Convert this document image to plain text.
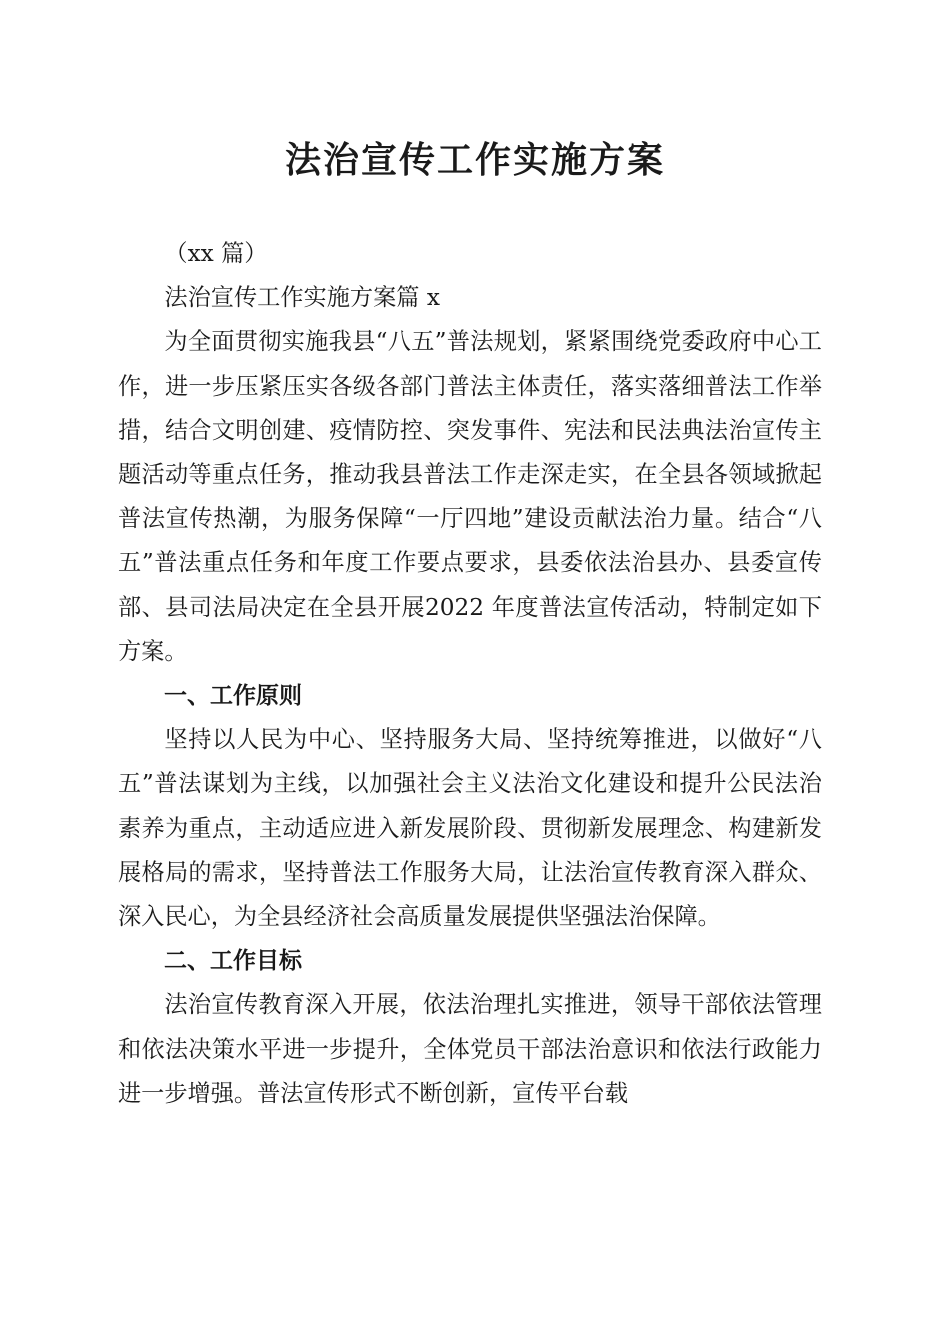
法治宣传工作实施方案

（xx 篇）

法治宣传工作实施方案篇 x

为全面贯彻实施我县“八五”普法规划，紧紧围绕党委政府中心工作，进一步压紧压实各级各部门普法主体责任，落实落细普法工作举措，结合文明创建、疫情防控、突发事件、宪法和民法典法治宣传主题活动等重点任务，推动我县普法工作走深走实，在全县各领域掀起普法宣传热潮，为服务保障“一厅四地”建设贡献法治力量。结合“八五”普法重点任务和年度工作要点要求，县委依法治县办、县委宣传部、县司法局决定在全县开展2022 年度普法宣传活动，特制定如下方案。

一、工作原则

坚持以人民为中心、坚持服务大局、坚持统筹推进，以做好“八五”普法谋划为主线，以加强社会主义法治文化建设和提升公民法治素养为重点，主动适应进入新发展阶段、贯彻新发展理念、构建新发展格局的需求，坚持普法工作服务大局，让法治宣传教育深入群众、深入民心，为全县经济社会高质量发展提供坚强法治保障。

二、工作目标

法治宣传教育深入开展，依法治理扎实推进，领导干部依法管理和依法决策水平进一步提升，全体党员干部法治意识和依法行政能力进一步增强。普法宣传形式不断创新，宣传平台载
